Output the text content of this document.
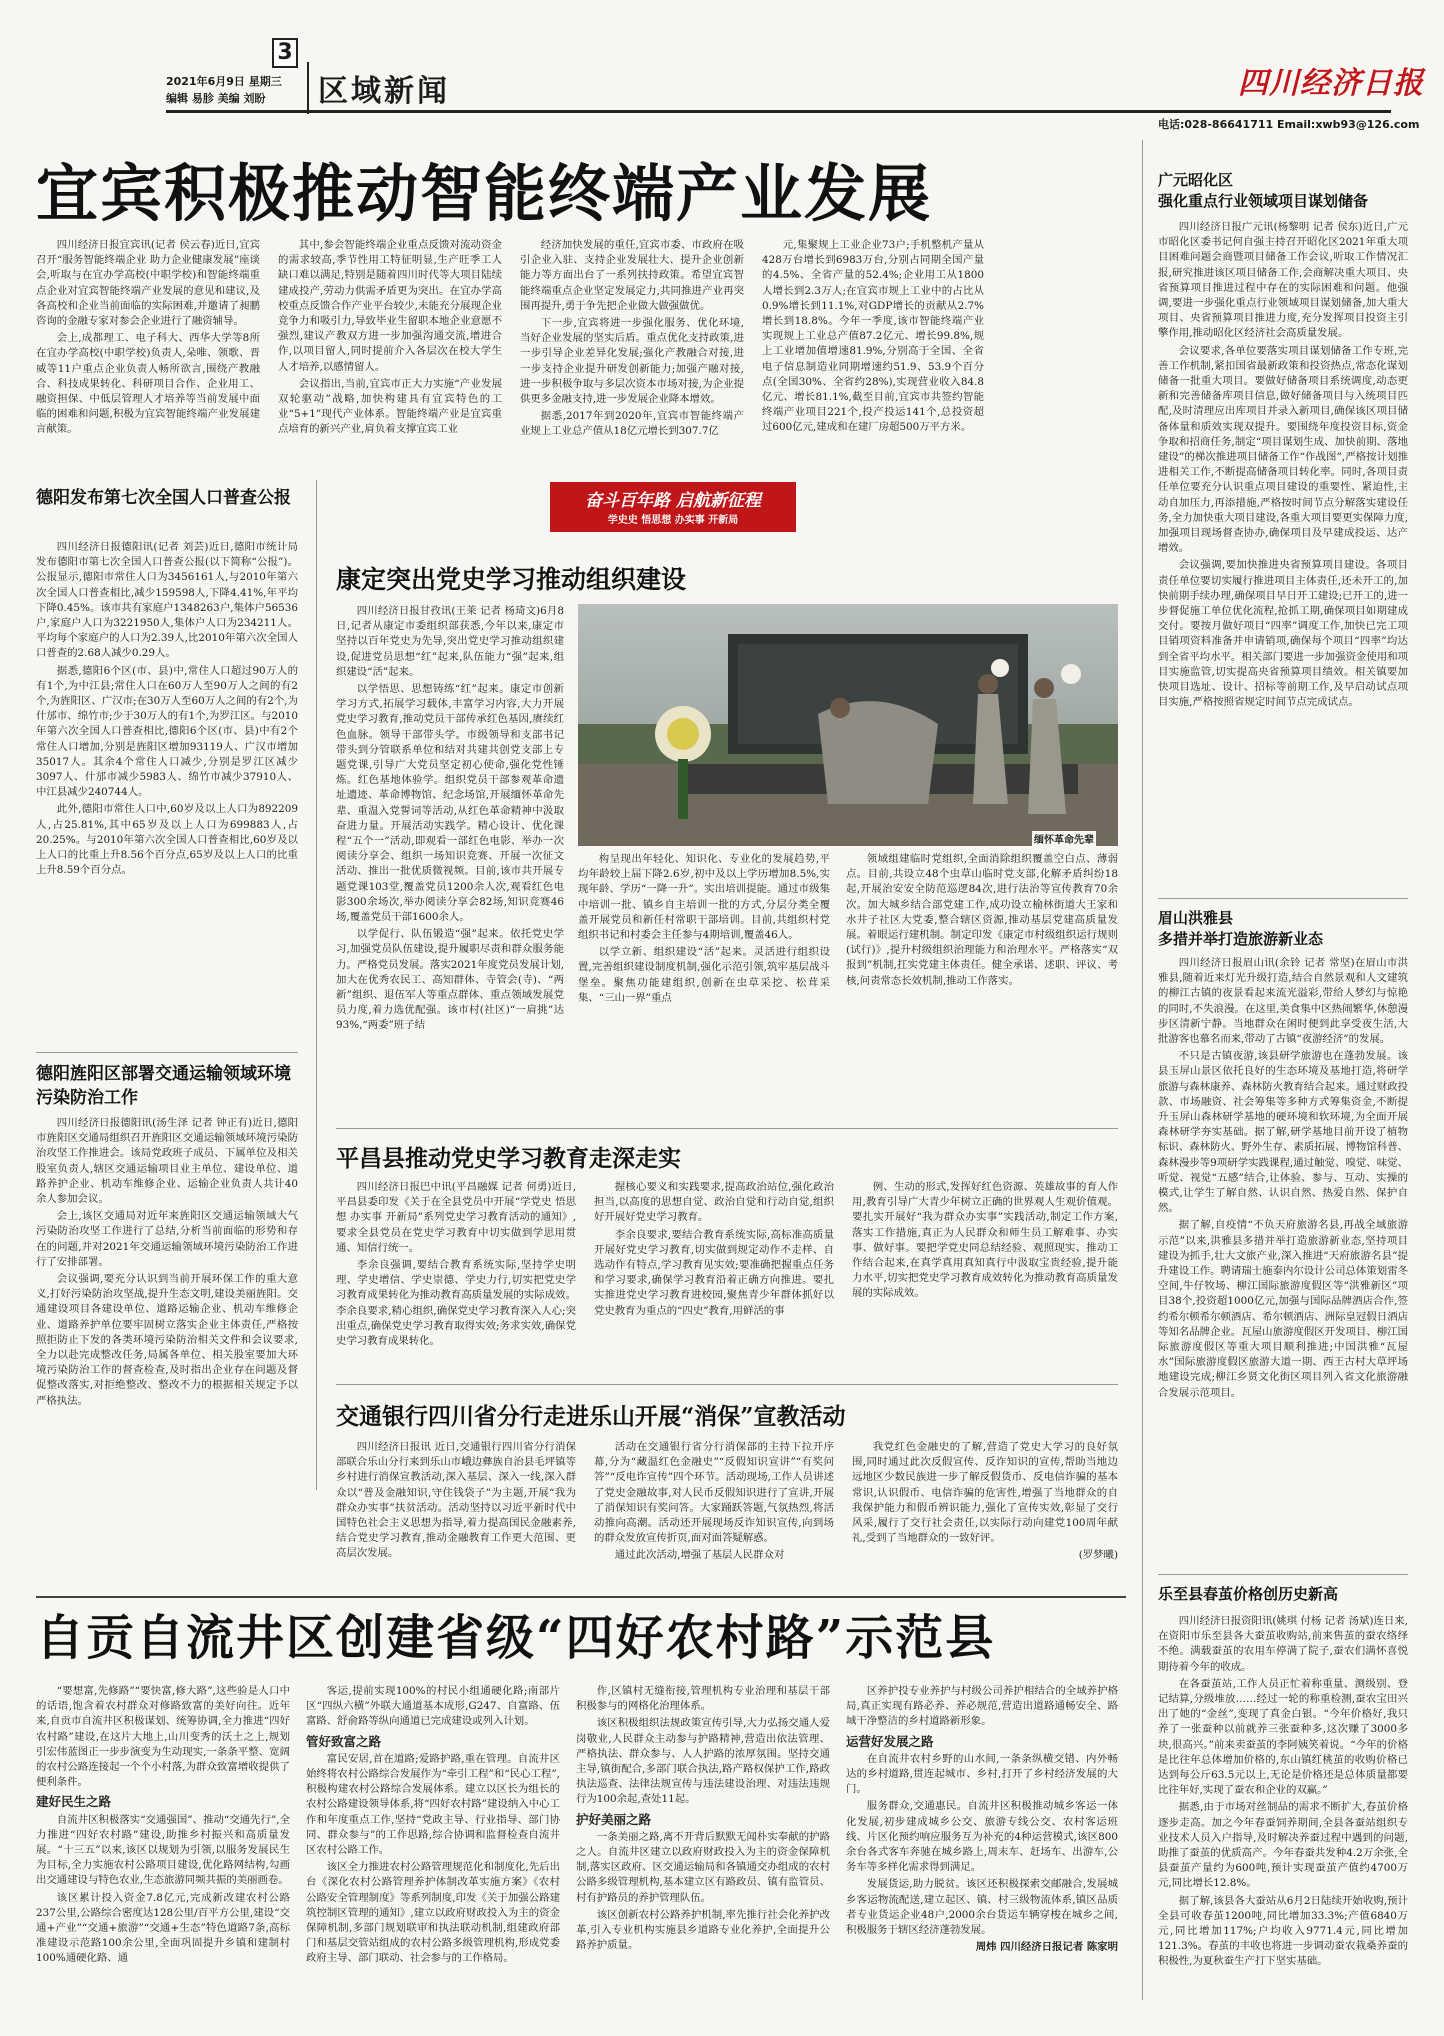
3
2021年6月9日 星期三
编辑 易胗 美编 刘盼 区域新闻	四川经济日报
电话:028-86641711 Email:xwb93@126.com
宜宾积极推动智能终端产业发展

四川经济日报宜宾讯(记者 侯云春)近日,宜宾召开“服务智能终端企业 助力企业健康发展”座谈会,听取与在宜办学高校(中职学校)和智能终端重点企业对宜宾智能终端产业发展的意见和建议,及各高校和企业当前面临的实际困难,并邀请了昶鹏咨询的金融专家对参会企业进行了融资辅导。

会上,成都理工、电子科大、西华大学等8所在宜办学高校(中职学校)负责人,朵唯、领歌、晋威等11户重点企业负责人畅所欲言,围绕产教融合、科技成果转化、科研项目合作、企业用工、融资担保、中低层管理人才培养等当前发展中面临的困难和问题,积极为宜宾智能终端产业发展建言献策。

其中,参会智能终端企业重点反馈对流动资金的需求较高,季节性用工特征明显,生产旺季工人缺口难以满足,特别是随着四川时代等大项目陆续建成投产,劳动力供需矛盾更为突出。在宜办学高校重点反馈合作产业平台较少,未能充分展现企业竞争力和吸引力,导致毕业生留职本地企业意愿不强烈,建议产教双方进一步加强沟通交流,增进合作,以项目留人,同时提前介入各层次在校大学生人才培养,以感情留人。

会议指出,当前,宜宾市正大力实施“产业发展 双轮驱动”战略,加快构建具有宜宾特色的工业“5+1”现代产业体系。智能终端产业是宜宾重点培育的新兴产业,肩负着支撑宜宾工业

经济加快发展的重任,宜宾市委、市政府在吸引企业入驻、支持企业发展壮大、提升企业创新能力等方面出台了一系列扶持政策。希望宜宾智能终端重点企业坚定发展定力,共同推进产业再突围再提升,勇于争先把企业做大做强做优。

下一步,宜宾将进一步强化服务、优化环境,当好企业发展的坚实后盾。重点优化支持政策,进一步引导企业差异化发展;强化产教融合对接,进一步支持企业提升研发创新能力;加强产融对接,进一步积极争取与多层次资本市场对接,为企业提供更多金融支持,进一步发展企业降本增效。

据悉,2017年到2020年,宜宾市智能终端产业规上工业总产值从18亿元增长到307.7亿

元,集聚规上工业企业73户;手机整机产量从428万台增长到6983万台,分别占同期全国产量的4.5%、全省产量的52.4%;企业用工从1800人增长到2.3万人;在宜宾市规上工业中的占比从0.9%增长到11.1%,对GDP增长的贡献从2.7%增长到18.8%。今年一季度,该市智能终端产业实现规上工业总产值87.2亿元、增长99.8%,规上工业增加值增速81.9%,分别高于全国、全省电子信息制造业同期增速约51.9、53.9个百分点(全国30%、全省约28%),实现营业收入84.8亿元、增长81.1%,截至目前,宜宾市共签约智能终端产业项目221个,投产投运141个,总投资超过600亿元,建成和在建厂房超500万平方米。

德阳发布第七次全国人口普查公报

四川经济日报德阳讯(记者 刘芸)近日,德阳市统计局发布德阳市第七次全国人口普查公报(以下简称“公报”)。公报显示,德阳市常住人口为3456161人,与2010年第六次全国人口普查相比,减少159598人,下降4.41%,年平均下降0.45%。该市共有家庭户1348263户,集体户56536户,家庭户人口为3221950人,集体户人口为234211人。平均每个家庭户的人口为2.39人,比2010年第六次全国人口普查的2.68人减少0.29人。

据悉,德阳6个区(市、县)中,常住人口超过90万人的有1个,为中江县;常住人口在60万人至90万人之间的有2个,为旌阳区、广汉市;在30万人至60万人之间的有2个,为什邡市、绵竹市;少于30万人的有1个,为罗江区。与2010年第六次全国人口普查相比,德阳6个区(市、县)中有2个常住人口增加,分别是旌阳区增加93119人、广汉市增加35017人。其余4个常住人口减少,分别是罗江区减少3097人、什邡市减少5983人、绵竹市减少37910人、中江县减少240744人。

此外,德阳市常住人口中,60岁及以上人口为892209人,占25.81%,其中65岁及以上人口为699883人,占20.25%。与2010年第六次全国人口普查相比,60岁及以上人口的比重上升8.56个百分点,65岁及以上人口的比重上升8.59个百分点。

德阳旌阳区部署交通运输领域环境污染防治工作

四川经济日报德阳讯(汤生泽 记者 钟正有)近日,德阳市旌阳区交通局组织召开旌阳区交通运输领域环境污染防治攻坚工作推进会。该局党政班子成员、下属单位及相关股室负责人,辖区交通运输项目业主单位、建设单位、道路养护企业、机动车维修企业、运输企业负责人共计40余人参加会议。

会上,该区交通局对近年来旌阳区交通运输领域大气污染防治攻坚工作进行了总结,分析当前面临的形势和存在的问题,并对2021年交通运输领域环境污染防治工作进行了安排部署。

会议强调,要充分认识到当前开展环保工作的重大意义,打好污染防治攻坚战,提升生态文明,建设美丽旌阳。交通建设项目各建设单位、道路运输企业、机动车维修企业、道路养护单位要牢固树立落实企业主体责任,严格按照拒防止下发的各类环境污染防治相关文件和会议要求,全力以赴完成整改任务,局属各单位、相关股室要加大环境污染防治工作的督查检查,及时指出企业存在问题及督促整改落实,对拒绝整改、整改不力的根据相关规定予以严格执法。

奋斗百年路 启航新征程
学史史 悟思想 办实事 开新局
康定突出党史学习推动组织建设

四川经济日报甘孜讯(王莱 记者 杨琦文)6月8日,记者从康定市委组织部获悉,今年以来,康定市坚持以百年党史为先导,突出党史学习推动组织建设,促进党员思想“红”起来,队伍能力“强”起来,组织建设“活”起来。

以学悟思、思想铸练“红”起来。康定市创新学习方式,拓展学习载体,丰富学习内容,大力开展党史学习教育,推动党员干部传承红色基因,赓续红色血脉。领导干部带头学。市级领导和支部书记带头到分管联系单位和结对共建共创党支部上专题党课,引导广大党员坚定初心使命,强化党性锤炼。红色基地体验学。组织党员干部参观革命遗址遗迹、革命博物馆、纪念场馆,开展缅怀革命先辈、重温入党誓词等活动,从红色革命精神中汲取奋进力量。开展活动实践学。精心设计、优化课程“五个一”活动,即观看一部红色电影、举办一次阅读分享会、组织一场知识竞赛、开展一次征文活动、推出一批优质微视频。目前,该市共开展专题党课103堂,覆盖党员1200余人次,观看红色电影300余场次,举办阅读分享会82场,知识竞赛46场,覆盖党员干部1600余人。

以学促行、队伍锻造“强”起来。依托党史学习,加强党员队伍建设,提升履职尽责和群众服务能力。严格党员发展。落实2021年度党员发展计划,加大在优秀农民工、高知群体、寺管会(寺)、“两新”组织、退伍军人等重点群体、重点领域发展党员力度,着力选优配强。该市村(社区)“一肩挑”达93%,“两委”班子结

缅怀革命先辈

构呈现出年轻化、知识化、专业化的发展趋势,平均年龄较上届下降2.6岁,初中及以上学历增加8.5%,实现年龄、学历“一降一升”。实出培训提能。通过市级集中培训一批、镇乡自主培训一批的方式,分层分类全覆盖开展党员和新任村常职干部培训。目前,共组织村党组织书记和村委会主任参与4期培训,覆盖46人。

以学立新、组织建设“活”起来。灵活进行组织设置,完善组织建设制度机制,强化示范引领,筑牢基层战斗堡垒。聚焦功能建组织,创新在虫草采挖、松茸采集、“三山一界”重点

领域组建临时党组织,全面消除组织覆盖空白点、薄弱点。目前,共设立48个虫草山临时党支部,化解矛盾纠纷18起,开展治安安全防范巡逻84次,进行法治等宣传教育70余次。加大城乡结合部党建工作,成功设立榆林街道大王家和水井子社区大党委,整合辖区资源,推动基层党建高质量发展。着眼运行建机制。制定印发《康定市村级组织运行规则(试行)》,提升村级组织治理能力和治理水平。严格落实“双报到”机制,扛实党建主体责任。健全承诺、述职、评议、考核,问责常态长效机制,推动工作落实。

平昌县推动党史学习教育走深走实

四川经济日报巴中讯(平昌融媒 记者 何勇)近日,平昌县委印发《关于在全县党员中开展“学党史 悟思想 办实事 开新局”系列党史学习教育活动的通知》,要求全县党员在党史学习教育中切实做到学思用贯通、知信行统一。

李余良强调,要结合教育系统实际,坚持学史明理、学史增信、学史崇德、学史力行,切实把党史学习教育成果转化为推动教育高质量发展的实际成效。李余良要求,精心组织,确保党史学习教育深入人心;突出重点,确保党史学习教育取得实效;务求实效,确保党史学习教育成果转化。

握核心要义和实践要求,提高政治站位,强化政治担当,以高度的思想自觉、政治自觉和行动自觉,组织好开展好党史学习教育。

李余良要求,要结合教育系统实际,高标准高质量开展好党史学习教育,切实做到规定动作不走样、自选动作有特点,学习教育见实效;要准确把握重点任务和学习要求,确保学习教育沿着正确方向推进。要扎实推进党史学习教育进校园,聚焦青少年群体抓好以党史教育为重点的“四史”教育,用鲜活的事

例、生动的形式,发挥好红色资源、英雄故事的育人作用,教育引导广大青少年树立正确的世界观人生观价值观。要扎实开展好“我为群众办实事”实践活动,制定工作方案,落实工作措施,真正为人民群众和师生员工解难事、办实事、做好事。要把学党史同总结经验、观照现实、推动工作结合起来,在真学真用真知真行中汲取宝贵经验,提升能力水平,切实把党史学习教育成效转化为推动教育高质量发展的实际成效。

交通银行四川省分行走进乐山开展“消保”宣教活动

四川经济日报讯 近日,交通银行四川省分行消保部联合乐山分行来到乐山市峨边彝族自治县毛坪镇等乡村进行消保宣教活动,深入基层、深入一线,深入群众以“普及金融知识,守住钱袋子”为主题,开展“我为群众办实事”扶贫活动。活动坚持以习近平新时代中国特色社会主义思想为指导,着力提高国民金融素养,结合党史学习教育,推动金融教育工作更大范围、更高层次发展。

活动在交通银行省分行消保部的主持下拉开序幕,分为“藏温红色金融史”“反假知识宣讲”“有奖问答”“反电诈宣传”四个环节。活动现场,工作人员讲述了党史金融故事,对人民币反假知识进行了宣讲,开展了消保知识有奖问答。大家踊跃答题,气氛热烈,将活动推向高潮。活动还开展现场反诈知识宣传,向到场的群众发放宣传折页,面对面答疑解惑。

通过此次活动,增强了基层人民群众对

我党红色金融史的了解,营造了党史大学习的良好氛围,同时通过此次反假宣传、反诈知识的宣传,帮助当地边远地区少数民族进一步了解反假货币、反电信诈骗的基本常识,认识假币、电信诈骗的危害性,增强了当地群众的自我保护能力和假币辨识能力,强化了宣传实效,彰显了交行风采,履行了交行社会责任,以实际行动向建党100周年献礼,受到了当地群众的一致好评。

(罗梦曦)

自贡自流井区创建省级“四好农村路”示范县

“要想富,先修路”“要快富,修大路”,这些验是人口中的话语,饱含着农村群众对修路致富的美好向往。近年来,自贡市自流井区积极谋划、统筹协调,全力推进“四好农村路”建设,在这片大地上,山川变秀的沃土之上,规划引宏伟蓝图正一步步演变为生动现实,一条条平整、宽阔的农村公路连接起一个个小村落,为群众致富增收提供了便利条件。

建好民生之路

自流井区积极落实“交通强国”、推动“交通先行”,全力推进“四好农村路”建设,助推乡村振兴和高质量发展。“十三五”以来,该区以规划为引领,以服务发展民生为目标,全力实施农村公路项目建设,优化路网结构,勾画出交通建设与特色农业,生态旅游同频共振的美丽画卷。

该区累计投入资金7.8亿元,完成新改建农村公路237公里,公路综合密度达128公里/百平方公里,建设“交通+产业”“交通+旅游”“交通+生态”特色道路7条,高标准建设示范路100余公里,全面巩固提升乡镇和建制村100%通硬化路、通

客运,提前实现100%的村民小组通硬化路;南部片区“四纵六横”外联大通道基本成形,G247、自富路、伍富路、舒俞路等纵向通道已完成建设或列入计划。

管好致富之路

富民安居,首在道路;爱路护路,重在管理。自流井区始终将农村公路综合发展作为“牵引工程”和“民心工程”,积极构建农村公路综合发展体系。建立以区长为组长的农村公路建设领导体系,将“四好农村路”建设纳入中心工作和年度重点工作,坚持“党政主导、行业指导、部门协同、群众参与”的工作思路,综合协调和监督检查自流井区农村公路工作。

该区全力推进农村公路管理规范化和制度化,先后出台《深化农村公路管理养护体制改革实施方案》《农村公路安全管理制度》等系列制度,印发《关于加强公路建筑控制区管理的通知》,建立以政府财政投入为主的资金保障机制,多部门规划联审和执法联动机制,组建政府部门和基层交管站组成的农村公路多级管理机构,形成党委政府主导、部门联动、社会参与的工作格局。

作,区镇村无缝衔接,管理机构专业治理和基层干部积极参与的网格化治理体系。

该区积极组织法规政策宣传引导,大力弘扬交通人爱岗敬业,人民群众主动参与护路精神,营造出依法管理、严格执法、群众参与、人人护路的浓厚氛围。坚持交通主导,镇街配合,多部门联合执法,路产路权保护工作,路政执法巡查、法律法规宣传与违法建设治理、对违法违规行为100余起,查处11起。

护好美丽之路

一条美丽之路,离不开背后默默无闻朴实奉献的护路之人。自流井区建立以政府财政投入为主的资金保障机制,落实区政府、区交通运输局和各镇通交办组成的农村公路多级管理机构,基本建立区有路政员、镇有监管员、村有护路员的养护管理队伍。

该区创新农村公路养护机制,率先推行社会化养护改革,引入专业机构实施县乡道路专业化养护,全面提升公路养护质量。

区养护投专业养护与村级公司养护相结合的全域养护格局,真正实现有路必养、养必规范,营造出道路通畅安全、路域干净整洁的乡村道路新形象。

运营好发展之路

在自流井农村乡野的山水间,一条条纵横交错、内外畅达的乡村道路,贯连起城市、乡村,打开了乡村经济发展的大门。

服务群众,交通惠民。自流井区积极推动城乡客运一体化发展,初步建成城乡公交、旅游专线公交、农村客运班线、片区化预约响应服务互为补充的4种运营模式,该区800余台各式客车奔驰在城乡路上,周末车、赶场车、出游车,公务车等多样化需求得到满足。

发展货运,助力脱贫。该区还积极探索交邮融合,发展城乡客运物流配送,建立起区、镇、村三级物流体系,镇区品质者专业货运企业48户,2000余台货运车辆穿梭在城乡之间,积极服务于辖区经济蓬勃发展。

周炜 四川经济日报记者 陈家明

广元昭化区
强化重点行业领域项目谋划储备

四川经济日报广元讯(杨黎明 记者 侯东)近日,广元市昭化区委书记何自强主持召开昭化区2021年重大项目困难问题会商暨项目储备工作会议,听取工作情况汇报,研究推进该区项目储备工作,会商解决重大项目、央省预算项目推进过程中存在的实际困难和问题。他强调,要进一步强化重点行业领域项目谋划储备,加大重大项目、央省预算项目推进力度,充分发挥项目投资主引擎作用,推动昭化区经济社会高质量发展。

会议要求,各单位要落实项目谋划储备工作专班,完善工作机制,紧扣国省最新政策和投资热点,常态化谋划储备一批重大项目。要做好储备项目系统调度,动态更新和完善储备库项目信息,做好储备项目与入统项目匹配,及时清理应出库项目并录入新项目,确保该区项目储备体量和质效实现双提升。要围绕年度投资目标,资金争取和招商任务,制定“项目谋划生成、加快前期、落地建设”的梯次推进项目储备工作“作战图”,严格按计划推进相关工作,不断提高储备项目转化率。同时,各项目责任单位要充分认识重点项目建设的重要性、紧迫性,主动自加压力,再添措施,严格按时间节点分解落实建设任务,全力加快重大项目建设,各重大项目要更实保障力度,加强项目现场督查协办,确保项目及早建成投运、达产增效。

会议强调,要加快推进央省预算项目建设。各项目责任单位要切实履行推进项目主体责任,还未开工的,加快前期手续办理,确保项目早日开工建设;已开工的,进一步督促施工单位优化流程,抢抓工期,确保项目如期建成交付。要按月做好项目“四率”调度工作,加快已完工项目销项资料准备并申请销项,确保每个项目“四率”均达到全省平均水平。相关部门要进一步加强资金使用和项目实施监管,切实提高央省预算项目绩效。相关镇要加快项目选址、设计、招标等前期工作,及早启动试点项目实施,严格按照省规定时间节点完成试点。

眉山洪雅县
多措并举打造旅游新业态

四川经济日报眉山讯(余铃 记者 常坚)在眉山市洪雅县,随着近来灯光升级打造,结合自然景观和人文建筑的柳江古镇的夜景看起来流光溢彩,带给人梦幻与惊艳的同时,不失浪漫。在这里,美食集中区热闹繁华,休憩漫步区清新宁静。当地群众在闲时便到此享受夜生活,大批游客也慕名而来,带动了古镇“夜游经济”的发展。

不只是古镇夜游,该县研学旅游也在蓬勃发展。该县玉屏山景区依托良好的生态环境及基地打造,将研学旅游与森林康养、森林防火教育结合起来。通过财政投款、市场融资、社会筹集等多种方式筹集资金,不断提升玉屏山森林研学基地的硬环境和软环境,为全面开展森林研学夯实基础。据了解,研学基地目前开设了植物标识、森林防火、野外生存、素质拓展、博物馆科普、森林漫步等9项研学实践课程,通过触觉、嗅觉、味觉、听觉、视觉“五感”结合,让体验、参与、互动、实操的模式,让学生了解自然、认识自然、热爱自然、保护自然。

据了解,自疫情“不负天府旅游名县,再战全域旅游示范”以来,洪雅县多措并举打造旅游新业态,坚持项目建设为抓手,壮大文旅产业,深入推进“天府旅游名县”提升建设工作。聘请瑞士施泰内尔设计公司总体策划雷冬空间,牛仔牧场、柳江国际旅游度假区等“洪雅新区”项目38个,投资超1000亿元,加强与国际品牌酒店合作,签约希尔顿希尔顿酒店、希尔顿酒店、洲际皇冠假日酒店等知名品牌企业。瓦屋山旅游度假区开发项目、柳江国际旅游度假区等重大项目顺利推进;中国洪雅“瓦屋水”国际旅游度假区旅游大道一期、西王古村大草坪场地建设完成;柳江乡贤文化街区项目列入省文化旅游融合发展示范项目。

乐至县春茧价格创历史新高

四川经济日报资阳讯(姚琪 付杨 记者 汤斌)连日来,在资阳市乐至县各大蚕茧收购站,前来售茧的蚕农络绎不绝。满载蚕茧的农用车停满了院子,蚕农们满怀喜悦期待着今年的收成。

在各蚕茧站,工作人员正忙着称重量、测级别、登记结算,分级堆放……经过一轮的称重检测,蚕农宝田兴出了她的“金丝”,变现了真金白银。“今年价格好,我只养了一张蚕种以前就养三张蚕种多,这次赚了3000多块,很高兴。”前来卖蚕茧的李阿姨笑着说。“今年的价格是比往年总体增加价格的,东山镇红桃茧的收购价格已达到每公斤63.5元以上,无论是价格还是总体质量都要比往年好,实现了蚕农和企业的双赢。”

据悉,由于市场对丝制品的需求不断扩大,春茧价格逐步走高。加之今年春蚕饲养期间,全县各蚕站组织专业技术人员入户指导,及时解决养蚕过程中遇到的问题,助推了蚕茧的优质高产。今年春蚕共发种4.2万余张,全县蚕茧产量约为600吨,预计实现蚕茧产值约4700万元,同比增长12.8%。

据了解,该县各大蚕站从6月2日陆续开始收购,预计全县可收春茧1200吨,同比增加33.3%;产值6840万元,同比增加117%;户均收入9771.4元,同比增加121.3%。春茧的丰收也将进一步调动蚕农栽桑养蚕的积极性,为夏秋蚕生产打下坚实基础。
